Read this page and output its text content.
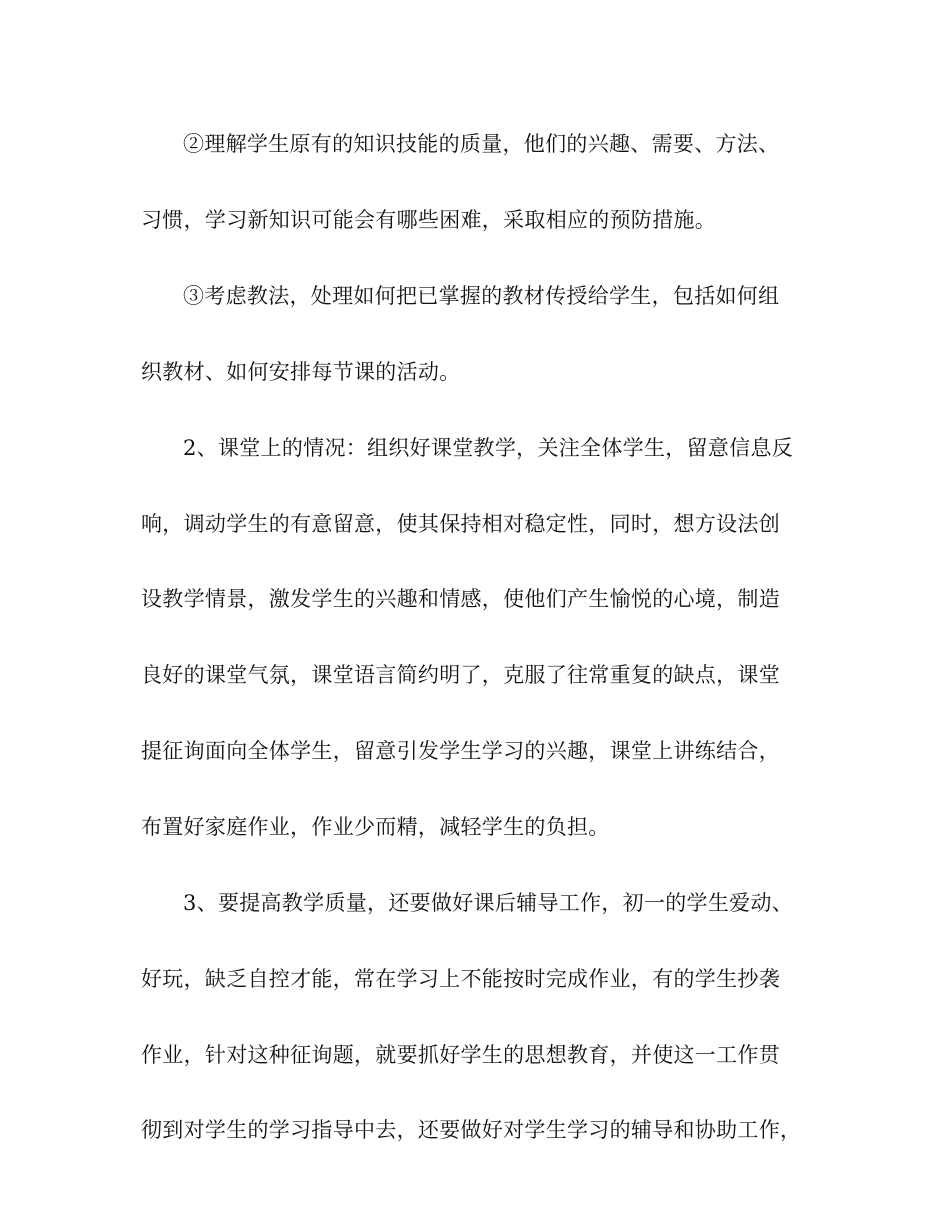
②理解学生原有的知识技能的质量，他们的兴趣、需要、方法、
习惯，学习新知识可能会有哪些困难，采取相应的预防措施。
③考虑教法，处理如何把已掌握的教材传授给学生，包括如何组
织教材、如何安排每节课的活动。
2、课堂上的情况：组织好课堂教学，关注全体学生，留意信息反
响，调动学生的有意留意，使其保持相对稳定性，同时，想方设法创
设教学情景，激发学生的兴趣和情感，使他们产生愉悦的心境，制造
良好的课堂气氛，课堂语言简约明了，克服了往常重复的缺点，课堂
提征询面向全体学生，留意引发学生学习的兴趣，课堂上讲练结合，
布置好家庭作业，作业少而精，减轻学生的负担。
3、要提高教学质量，还要做好课后辅导工作，初一的学生爱动、
好玩，缺乏自控才能，常在学习上不能按时完成作业，有的学生抄袭
作业，针对这种征询题，就要抓好学生的思想教育，并使这一工作贯
彻到对学生的学习指导中去，还要做好对学生学习的辅导和协助工作，
